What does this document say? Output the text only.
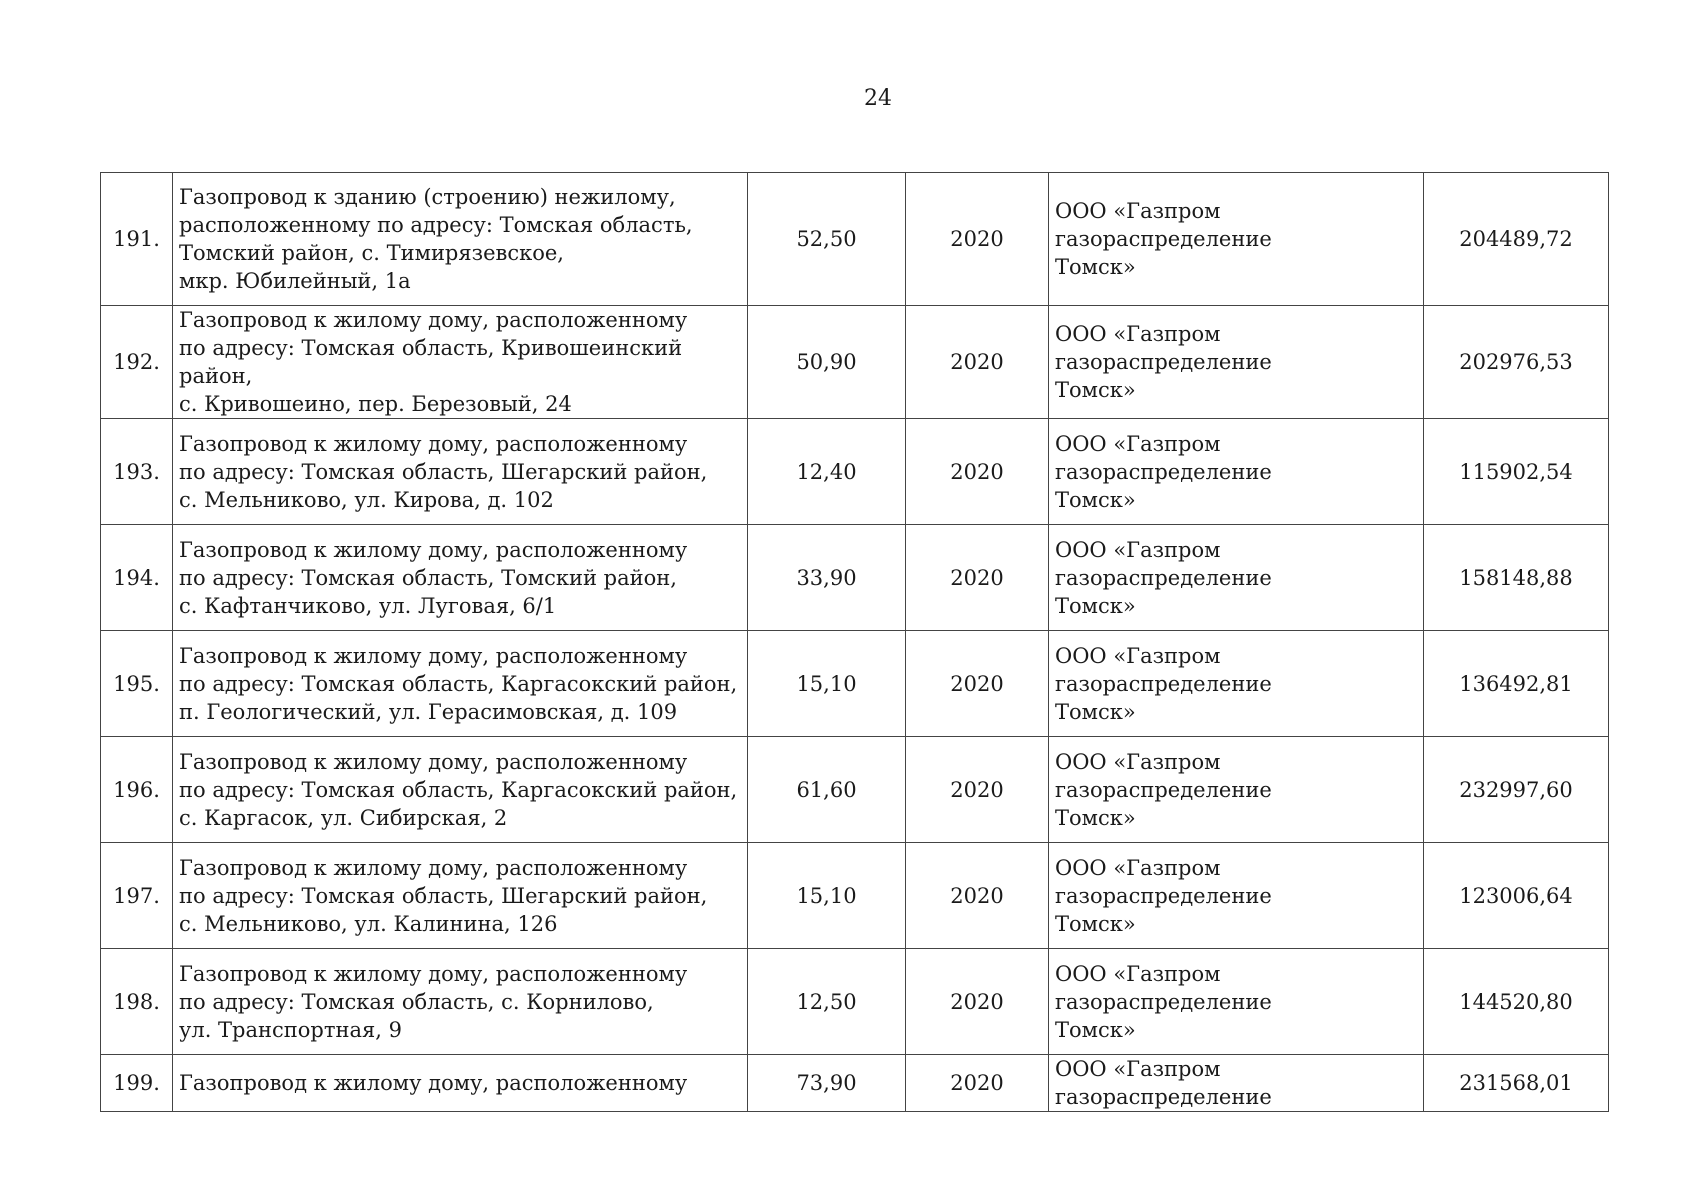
24
191.	Газопровод к зданию (строению) нежилому,
расположенному по адресу: Томская область,
Томский район, с. Тимирязевское,
мкр. Юбилейный, 1а	52,50	2020	ООО «Газпром газораспределение
Томск»	204489,72
192.	Газопровод к жилому дому, расположенному
по адресу: Томская область, Кривошеинский район,
с. Кривошеино, пер. Березовый, 24	50,90	2020	ООО «Газпром газораспределение
Томск»	202976,53
193.	Газопровод к жилому дому, расположенному
по адресу: Томская область, Шегарский район,
с. Мельниково, ул. Кирова, д. 102	12,40	2020	ООО «Газпром газораспределение
Томск»	115902,54
194.	Газопровод к жилому дому, расположенному
по адресу: Томская область, Томский район,
с. Кафтанчиково, ул. Луговая, 6/1	33,90	2020	ООО «Газпром газораспределение
Томск»	158148,88
195.	Газопровод к жилому дому, расположенному
по адресу: Томская область, Каргасокский район,
п. Геологический, ул. Герасимовская, д. 109	15,10	2020	ООО «Газпром газораспределение
Томск»	136492,81
196.	Газопровод к жилому дому, расположенному
по адресу: Томская область, Каргасокский район,
с. Каргасок, ул. Сибирская, 2	61,60	2020	ООО «Газпром газораспределение
Томск»	232997,60
197.	Газопровод к жилому дому, расположенному
по адресу: Томская область, Шегарский район,
с. Мельниково, ул. Калинина, 126	15,10	2020	ООО «Газпром газораспределение
Томск»	123006,64
198.	Газопровод к жилому дому, расположенному
по адресу: Томская область, с. Корнилово,
ул. Транспортная, 9	12,50	2020	ООО «Газпром газораспределение
Томск»	144520,80
199.	Газопровод к жилому дому, расположенному	73,90	2020	ООО «Газпром газораспределение	231568,01
